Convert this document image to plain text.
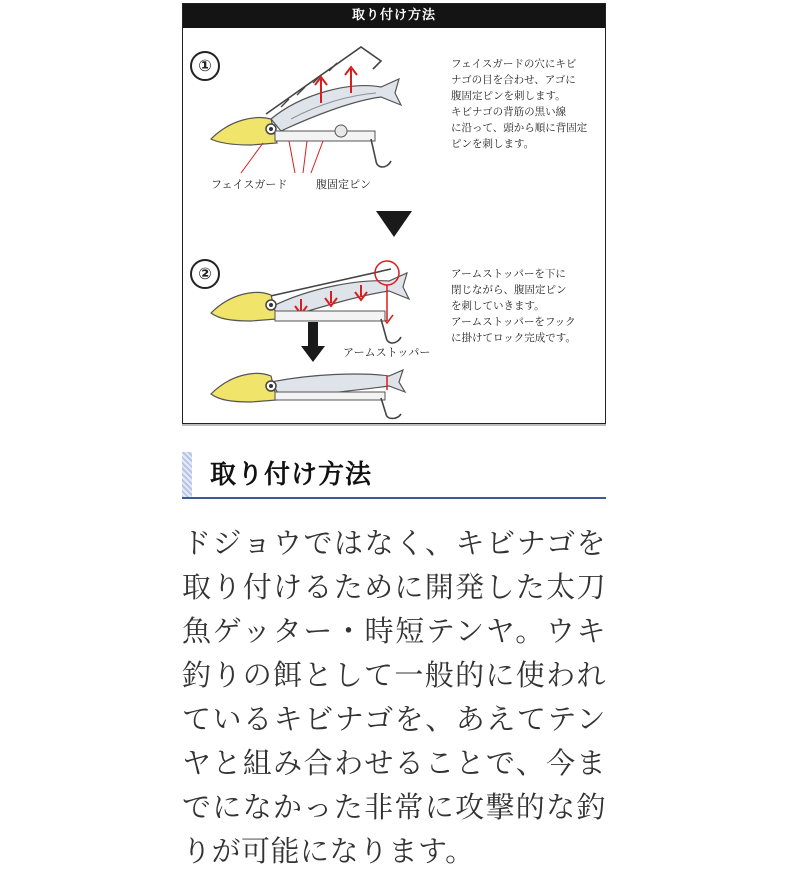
取り付け方法
①
フェイスガード	腹固定ピン
フェイスガードの穴にキビ
ナゴの目を合わせ、アゴに
腹固定ピンを刺します。
キビナゴの背筋の黒い線
に沿って、頭から順に背固定
ピンを刺します。
②
アームストッパー
アームストッパーを下に
閉じながら、腹固定ピン
を刺していきます。
アームストッパーをフック
に掛けてロック完成です。
取り付け方法
ドジョウではなく、キビナゴを取り付けるために開発した太刀魚ゲッター・時短テンヤ。ウキ釣りの餌として一般的に使われているキビナゴを、あえてテンヤと組み合わせることで、今までになかった非常に攻撃的な釣りが可能になります。
